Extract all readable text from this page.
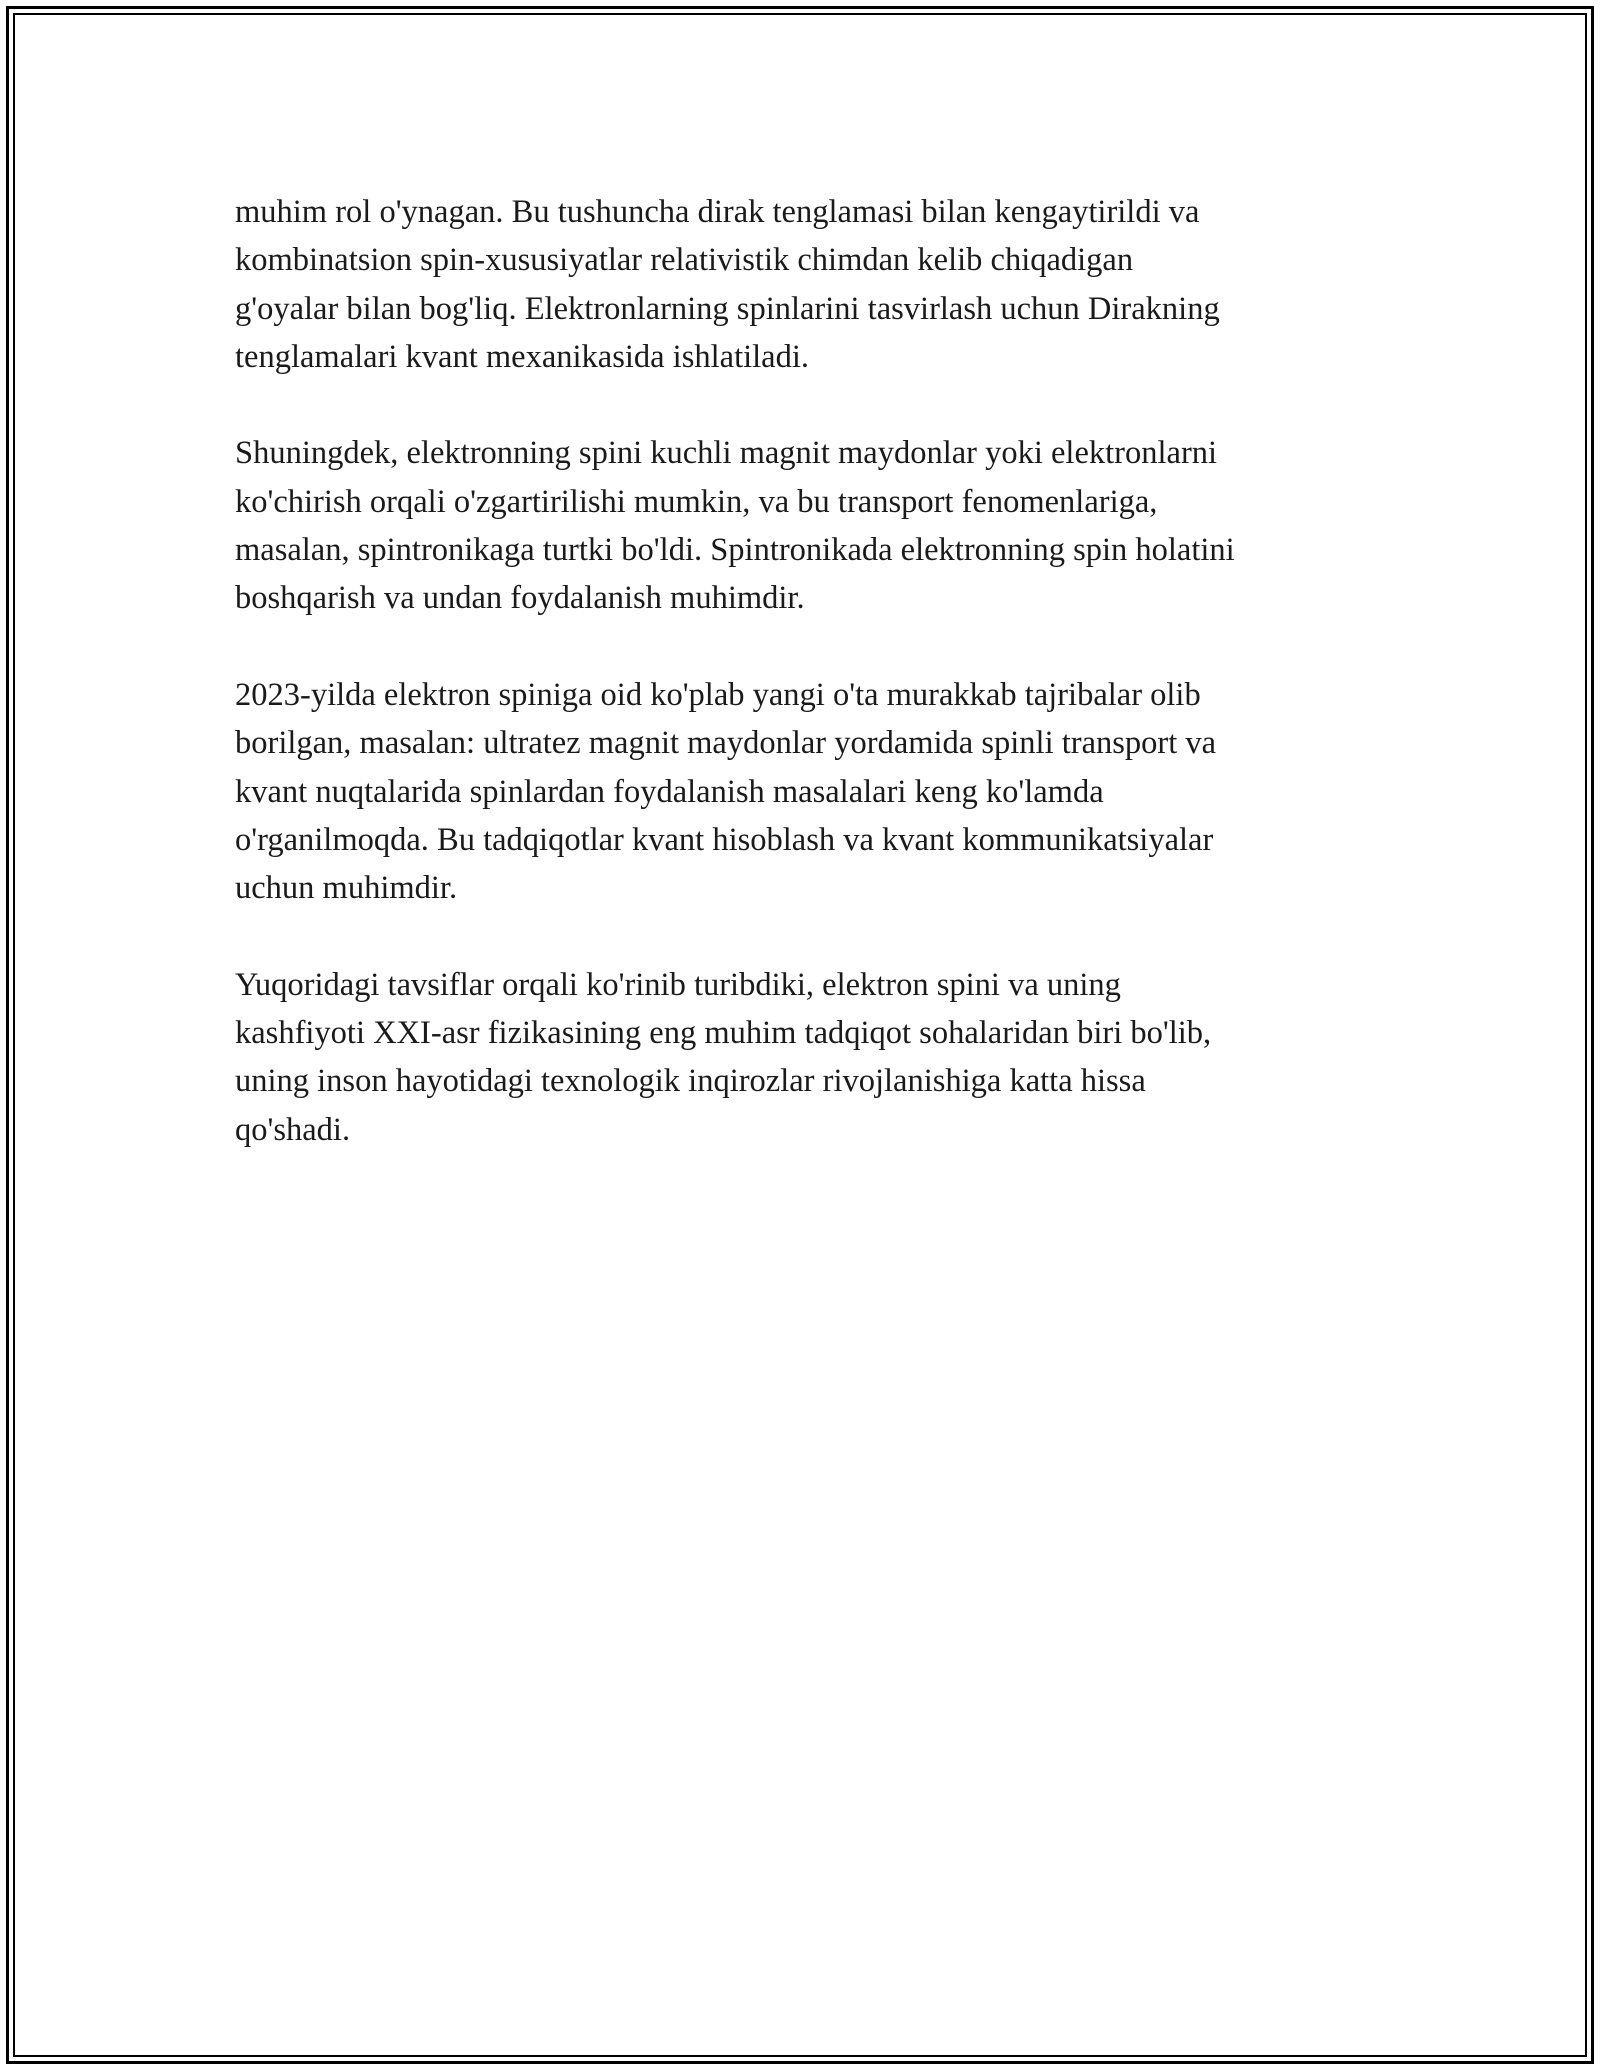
muhim rol o'ynagan. Bu tushuncha dirak tenglamasi bilan kengaytirildi va
kombinatsion spin-xususiyatlar relativistik chimdan kelib chiqadigan
g'oyalar bilan bog'liq. Elektronlarning spinlarini tasvirlash uchun Dirakning
tenglamalari kvant mexanikasida ishlatiladi.

Shuningdek, elektronning spini kuchli magnit maydonlar yoki elektronlarni
ko'chirish orqali o'zgartirilishi mumkin, va bu transport fenomenlariga,
masalan, spintronikaga turtki bo'ldi. Spintronikada elektronning spin holatini
boshqarish va undan foydalanish muhimdir.

2023-yilda elektron spiniga oid ko'plab yangi o'ta murakkab tajribalar olib
borilgan, masalan: ultratez magnit maydonlar yordamida spinli transport va
kvant nuqtalarida spinlardan foydalanish masalalari keng ko'lamda
o'rganilmoqda. Bu tadqiqotlar kvant hisoblash va kvant kommunikatsiyalar
uchun muhimdir.

Yuqoridagi tavsiflar orqali ko'rinib turibdiki, elektron spini va uning
kashfiyoti XXI-asr fizikasining eng muhim tadqiqot sohalaridan biri bo'lib,
uning inson hayotidagi texnologik inqirozlar rivojlanishiga katta hissa
qo'shadi.
